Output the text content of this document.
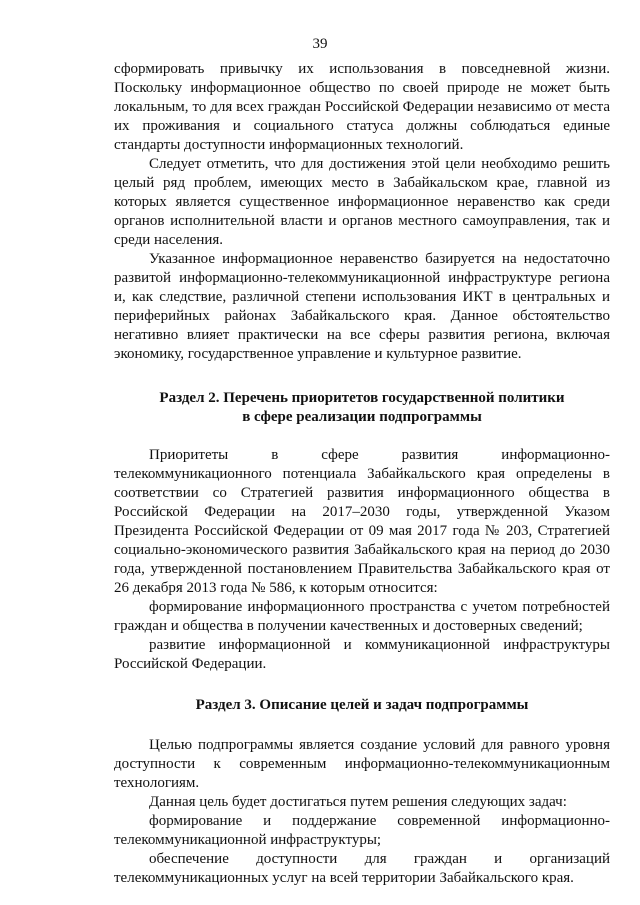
39

сформировать привычку их использования в повседневной жизни. Поскольку информационное общество по своей природе не может быть локальным, то для всех граждан Российской Федерации независимо от места их проживания и социального статуса должны соблюдаться единые стандарты доступности информационных технологий.

Следует отметить, что для достижения этой цели необходимо решить целый ряд проблем, имеющих место в Забайкальском крае, главной из которых является существенное информационное неравенство как среди органов исполнительной власти и органов местного самоуправления, так и среди населения.

Указанное информационное неравенство базируется на недостаточно развитой информационно-телекоммуникационной инфраструктуре региона и, как следствие, различной степени использования ИКТ в центральных и периферийных районах Забайкальского края. Данное обстоятельство негативно влияет практически на все сферы развития региона, включая экономику, государственное управление и культурное развитие.

Раздел 2. Перечень приоритетов государственной политики

в сфере реализации подпрограммы

Приоритеты в сфере развития информационно-телекоммуникационного потенциала Забайкальского края определены в соответствии со Стратегией развития информационного общества в Российской Федерации на 2017–2030 годы, утвержденной Указом Президента Российской Федерации от 09 мая 2017 года № 203, Стратегией социально-экономического развития Забайкальского края на период до 2030 года, утвержденной постановлением Правительства Забайкальского края от 26 декабря 2013 года № 586, к которым относится:

формирование информационного пространства с учетом потребностей граждан и общества в получении качественных и достоверных сведений;

развитие информационной и коммуникационной инфраструктуры Российской Федерации.

Раздел 3. Описание целей и задач подпрограммы

Целью подпрограммы является создание условий для равного уровня доступности к современным информационно-телекоммуникационным технологиям.

Данная цель будет достигаться путем решения следующих задач:

формирование и поддержание современной информационно-телекоммуникационной инфраструктуры;

обеспечение доступности для граждан и организаций телекоммуникационных услуг на всей территории Забайкальского края.
